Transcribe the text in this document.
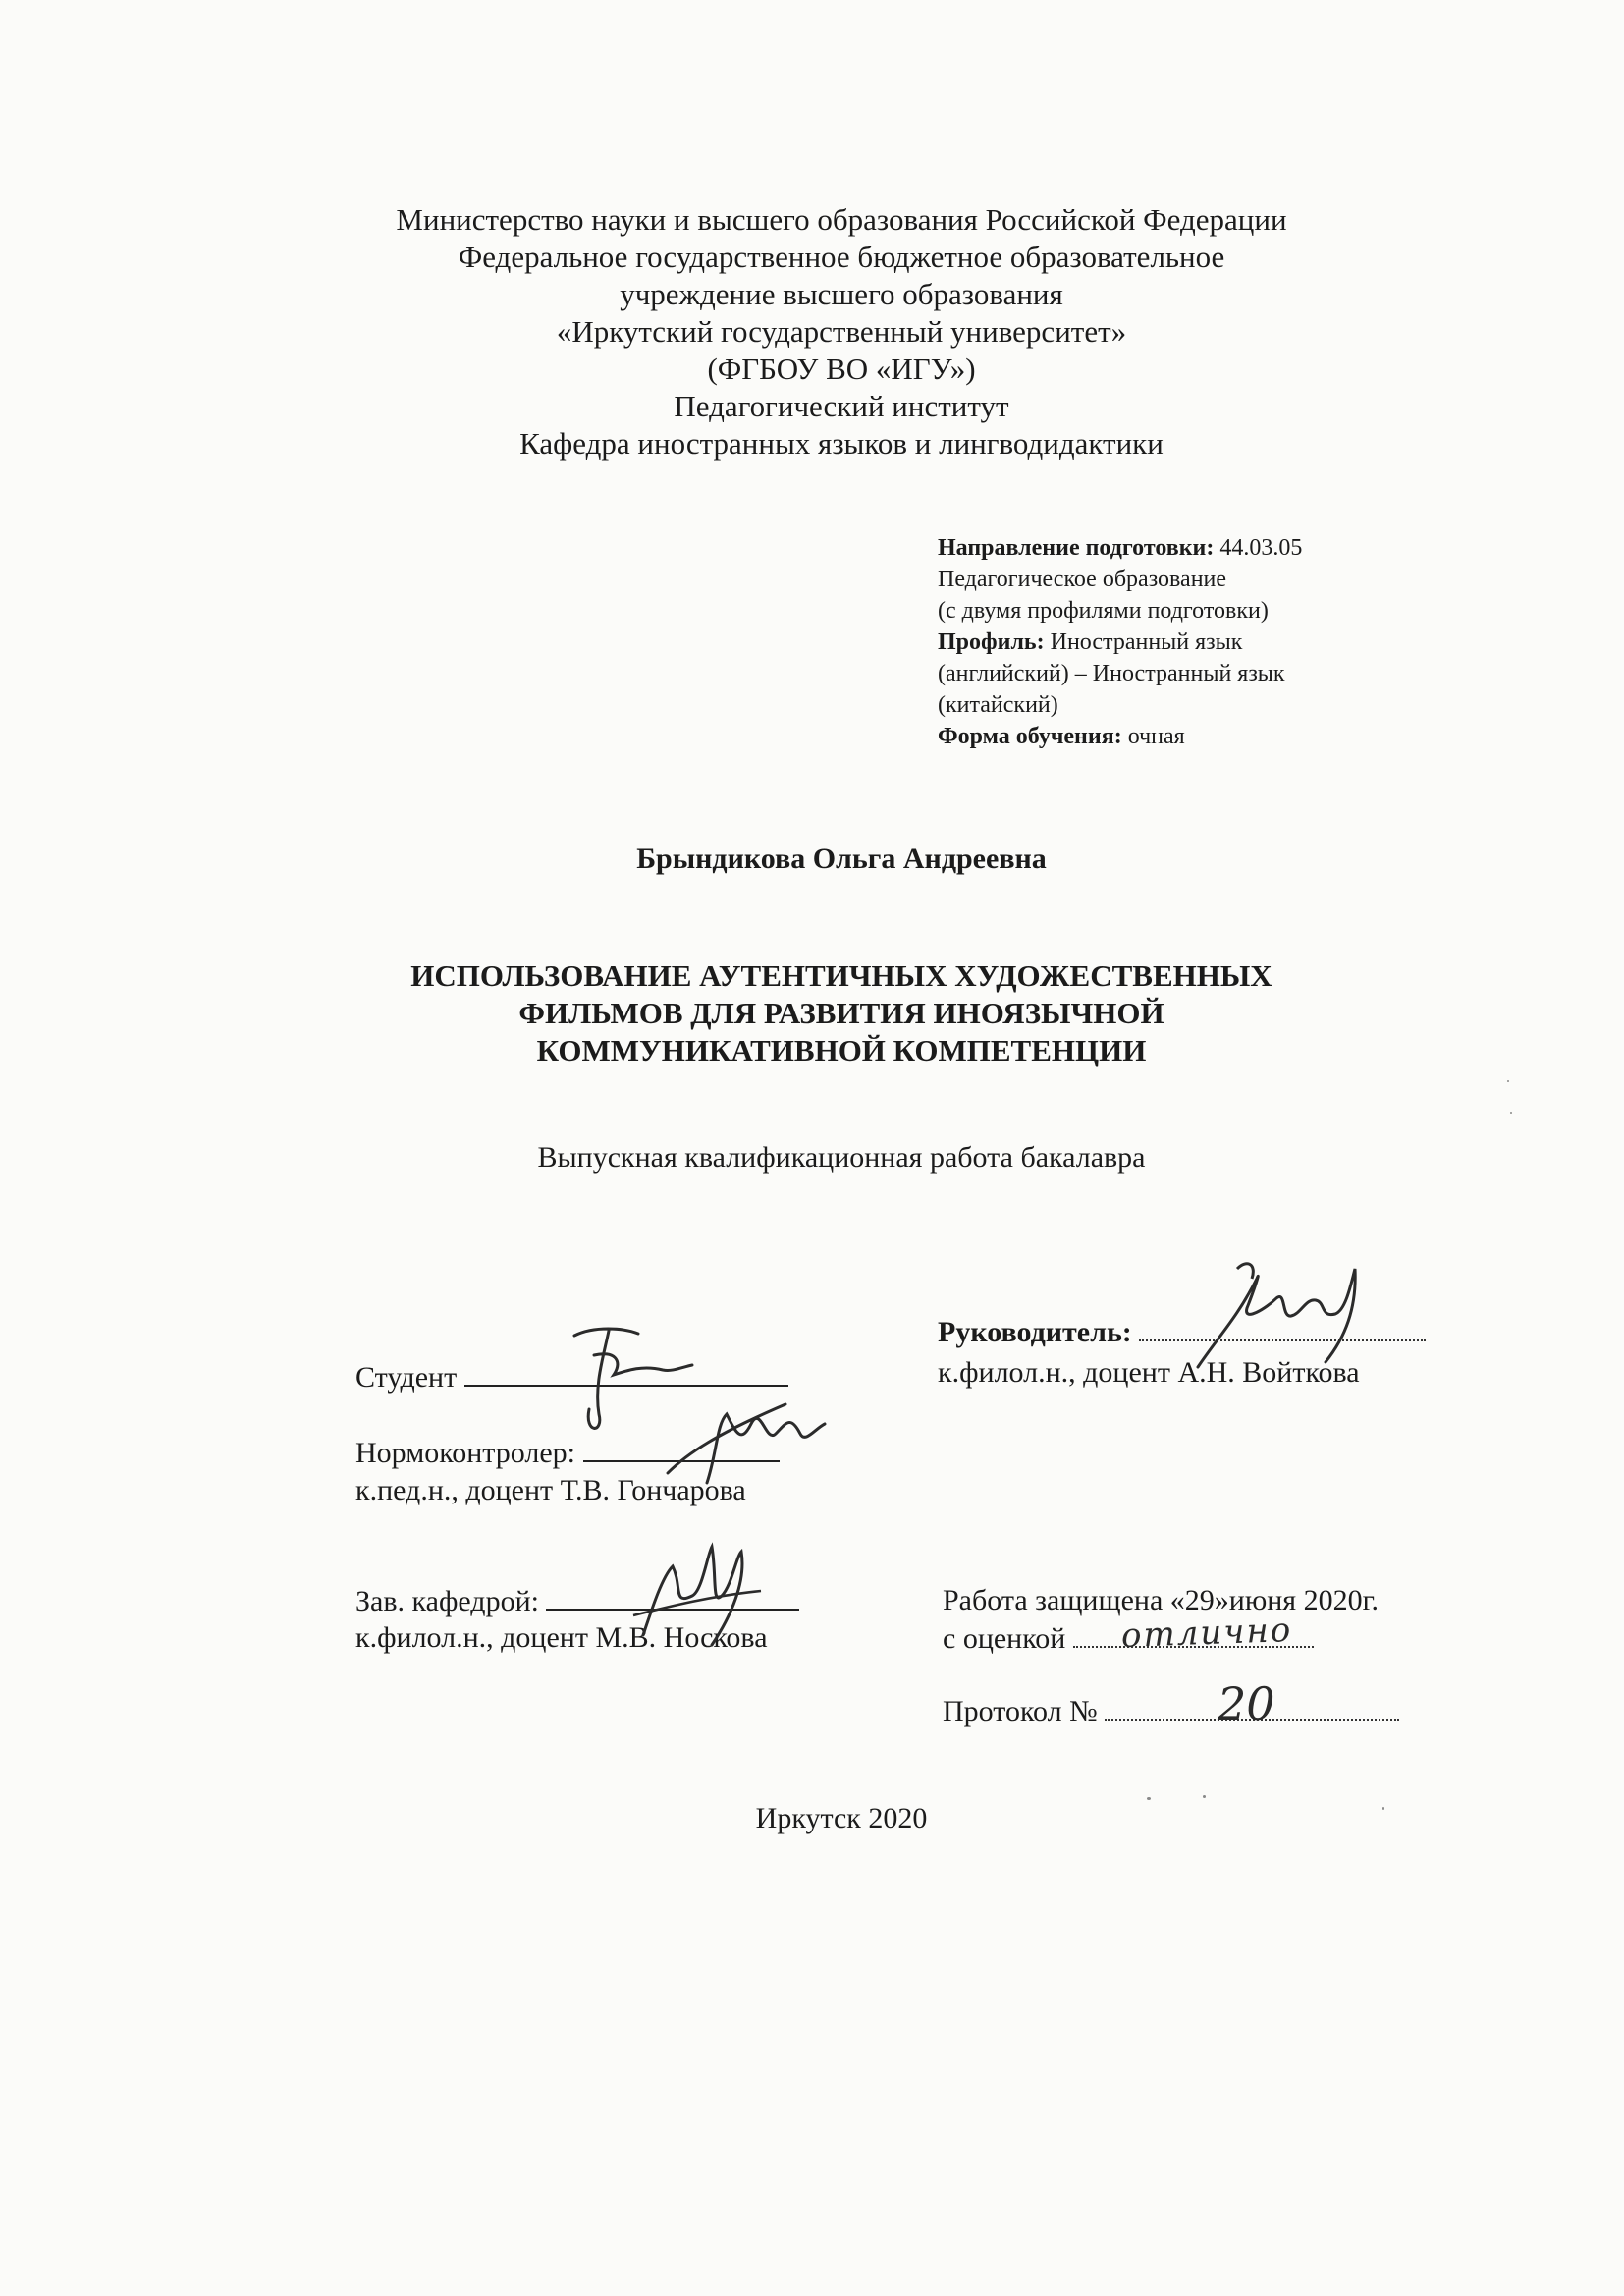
Министерство науки и высшего образования Российской Федерации
Федеральное государственное бюджетное образовательное
учреждение высшего образования
«Иркутский государственный университет»
(ФГБОУ ВО «ИГУ»)
Педагогический институт
Кафедра иностранных языков и лингводидактики
Направление подготовки: 44.03.05
Педагогическое образование
(с двумя профилями подготовки)
Профиль: Иностранный язык
(английский) – Иностранный язык
(китайский)
Форма обучения: очная
Брындикова Ольга Андреевна
ИСПОЛЬЗОВАНИЕ АУТЕНТИЧНЫХ ХУДОЖЕСТВЕННЫХ
ФИЛЬМОВ ДЛЯ РАЗВИТИЯ ИНОЯЗЫЧНОЙ
КОММУНИКАТИВНОЙ КОМПЕТЕНЦИИ
Выпускная квалификационная работа бакалавра
Руководитель:
к.филол.н., доцент А.Н. Войткова
Студент
Нормоконтролер:
к.пед.н., доцент Т.В. Гончарова
Зав. кафедрой:
к.филол.н., доцент М.В. Носкова
Работа защищена «29»июня 2020г.
с оценкой	отлично
Протокол №	20
Иркутск 2020
